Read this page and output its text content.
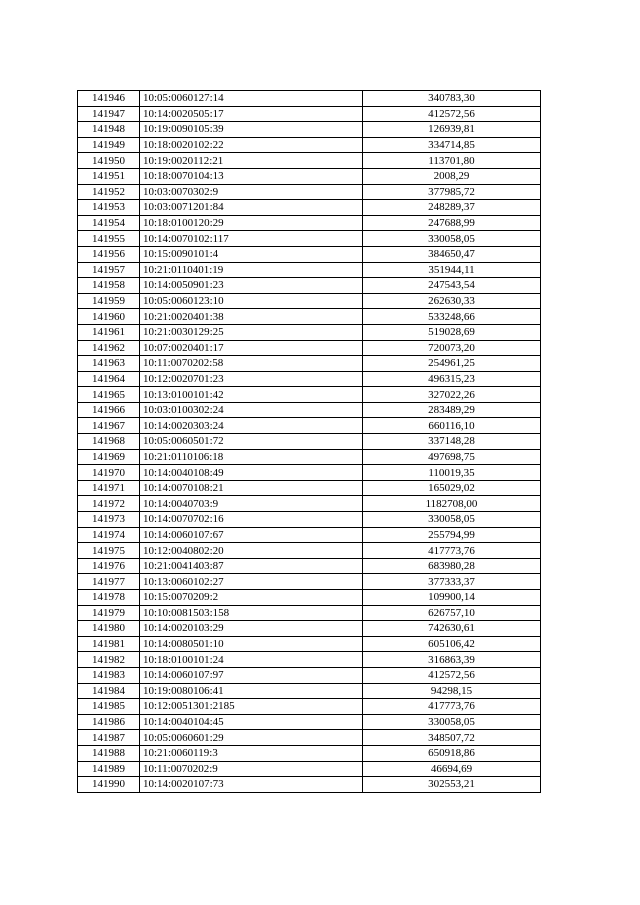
141946	10:05:0060127:14	340783,30
141947	10:14:0020505:17	412572,56
141948	10:19:0090105:39	126939,81
141949	10:18:0020102:22	334714,85
141950	10:19:0020112:21	113701,80
141951	10:18:0070104:13	2008,29
141952	10:03:0070302:9	377985,72
141953	10:03:0071201:84	248289,37
141954	10:18:0100120:29	247688,99
141955	10:14:0070102:117	330058,05
141956	10:15:0090101:4	384650,47
141957	10:21:0110401:19	351944,11
141958	10:14:0050901:23	247543,54
141959	10:05:0060123:10	262630,33
141960	10:21:0020401:38	533248,66
141961	10:21:0030129:25	519028,69
141962	10:07:0020401:17	720073,20
141963	10:11:0070202:58	254961,25
141964	10:12:0020701:23	496315,23
141965	10:13:0100101:42	327022,26
141966	10:03:0100302:24	283489,29
141967	10:14:0020303:24	660116,10
141968	10:05:0060501:72	337148,28
141969	10:21:0110106:18	497698,75
141970	10:14:0040108:49	110019,35
141971	10:14:0070108:21	165029,02
141972	10:14:0040703:9	1182708,00
141973	10:14:0070702:16	330058,05
141974	10:14:0060107:67	255794,99
141975	10:12:0040802:20	417773,76
141976	10:21:0041403:87	683980,28
141977	10:13:0060102:27	377333,37
141978	10:15:0070209:2	109900,14
141979	10:10:0081503:158	626757,10
141980	10:14:0020103:29	742630,61
141981	10:14:0080501:10	605106,42
141982	10:18:0100101:24	316863,39
141983	10:14:0060107:97	412572,56
141984	10:19:0080106:41	94298,15
141985	10:12:0051301:2185	417773,76
141986	10:14:0040104:45	330058,05
141987	10:05:0060601:29	348507,72
141988	10:21:0060119:3	650918,86
141989	10:11:0070202:9	46694,69
141990	10:14:0020107:73	302553,21
